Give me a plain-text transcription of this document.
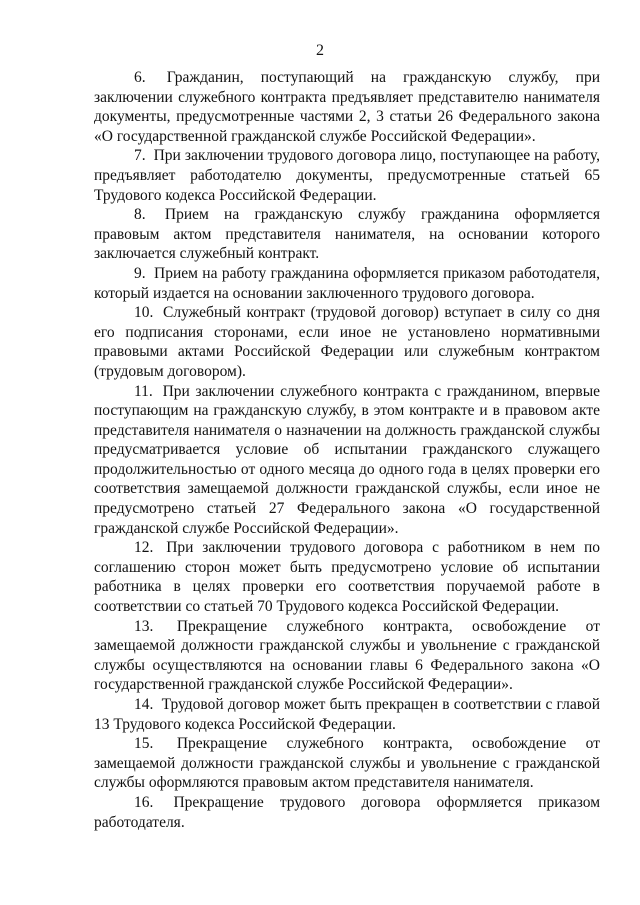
2

6. Гражданин, поступающий на гражданскую службу, при заключении служебного контракта предъявляет представителю нанимателя документы, предусмотренные частями 2, 3 статьи 26 Федерального закона «О государственной гражданской службе Российской Федерации».

7. При заключении трудового договора лицо, поступающее на работу, предъявляет работодателю документы, предусмотренные статьей 65 Трудового кодекса Российской Федерации.

8. Прием на гражданскую службу гражданина оформляется правовым актом представителя нанимателя, на основании которого заключается служебный контракт.

9. Прием на работу гражданина оформляется приказом работодателя, который издается на основании заключенного трудового договора.

10. Служебный контракт (трудовой договор) вступает в силу со дня его подписания сторонами, если иное не установлено нормативными правовыми актами Российской Федерации или служебным контрактом (трудовым договором).

11. При заключении служебного контракта с гражданином, впервые поступающим на гражданскую службу, в этом контракте и в правовом акте представителя нанимателя о назначении на должность гражданской службы предусматривается условие об испытании гражданского служащего продолжительностью от одного месяца до одного года в целях проверки его соответствия замещаемой должности гражданской службы, если иное не предусмотрено статьей 27 Федерального закона «О государственной гражданской службе Российской Федерации».

12. При заключении трудового договора с работником в нем по соглашению сторон может быть предусмотрено условие об испытании работника в целях проверки его соответствия поручаемой работе в соответствии со статьей 70 Трудового кодекса Российской Федерации.

13. Прекращение служебного контракта, освобождение от замещаемой должности гражданской службы и увольнение с гражданской службы осуществляются на основании главы 6 Федерального закона «О государственной гражданской службе Российской Федерации».

14. Трудовой договор может быть прекращен в соответствии с главой 13 Трудового кодекса Российской Федерации.

15. Прекращение служебного контракта, освобождение от замещаемой должности гражданской службы и увольнение с гражданской службы оформляются правовым актом представителя нанимателя.

16. Прекращение трудового договора оформляется приказом работодателя.
